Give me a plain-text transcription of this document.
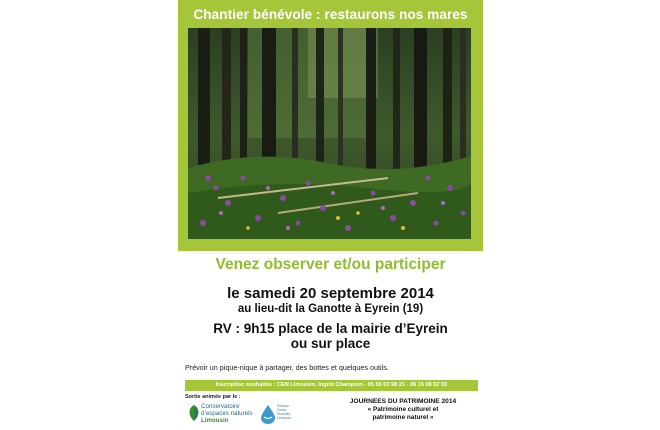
Chantier bénévole : restaurons nos mares
Venez observer et/ou participer
le samedi 20 septembre 2014
au lieu-dit la Ganotte à Eyrein (19)
RV : 9h15 place de la mairie d’Eyrein
ou sur place
Prévoir un pique-nique à partager, des bottes et quelques outils.
Inscription souhaitée : CEN Limousin, Ingrid Champion - 05 55 03 98 21 - 06 15 08 62 93
Sortie animée par le :
Conservatoire
d’espaces naturels
Limousin
Réseau
Zones
Humides
Limousin
JOURNEES DU PATRIMOINE 2014
« Patrimoine culturel et
patrimoine naturel »
